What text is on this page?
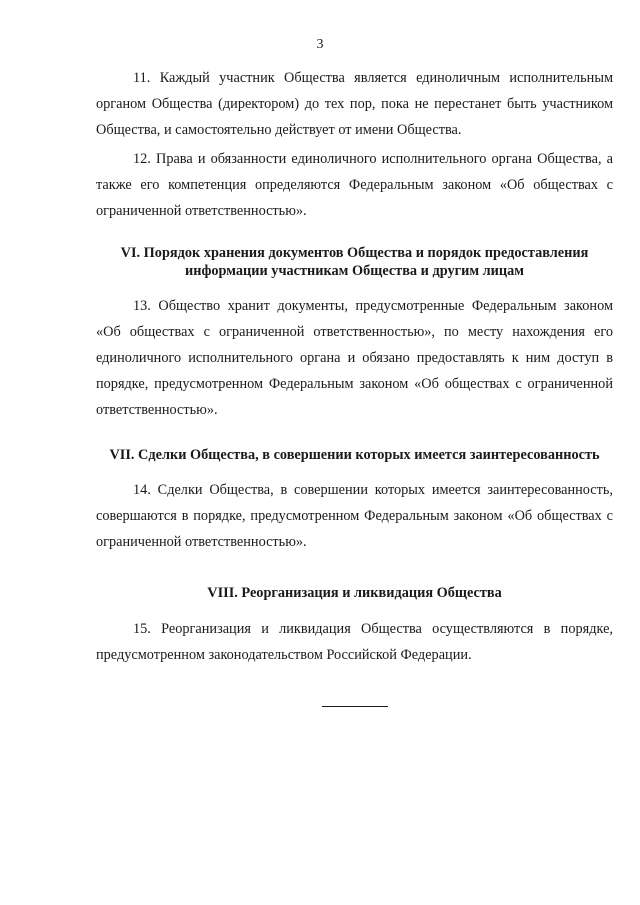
3

11. Каждый участник Общества является единоличным исполнительным органом Общества (директором) до тех пор, пока не перестанет быть участником Общества, и самостоятельно действует от имени Общества.

12. Права и обязанности единоличного исполнительного органа Общества, а также его компетенция определяются Федеральным законом «Об обществах с ограниченной ответственностью».

VI. Порядок хранения документов Общества и порядок предоставления информации участникам Общества и другим лицам

13. Общество хранит документы, предусмотренные Федеральным законом «Об обществах с ограниченной ответственностью», по месту нахождения его единоличного исполнительного органа и обязано предоставлять к ним доступ в порядке, предусмотренном Федеральным законом «Об обществах с ограниченной ответственностью».

VII. Сделки Общества, в совершении которых имеется заинтересованность

14. Сделки Общества, в совершении которых имеется заинтересованность, совершаются в порядке, предусмотренном Федеральным законом «Об обществах с ограниченной ответственностью».

VIII. Реорганизация и ликвидация Общества

15. Реорганизация и ликвидация Общества осуществляются в порядке, предусмотренном законодательством Российской Федерации.
